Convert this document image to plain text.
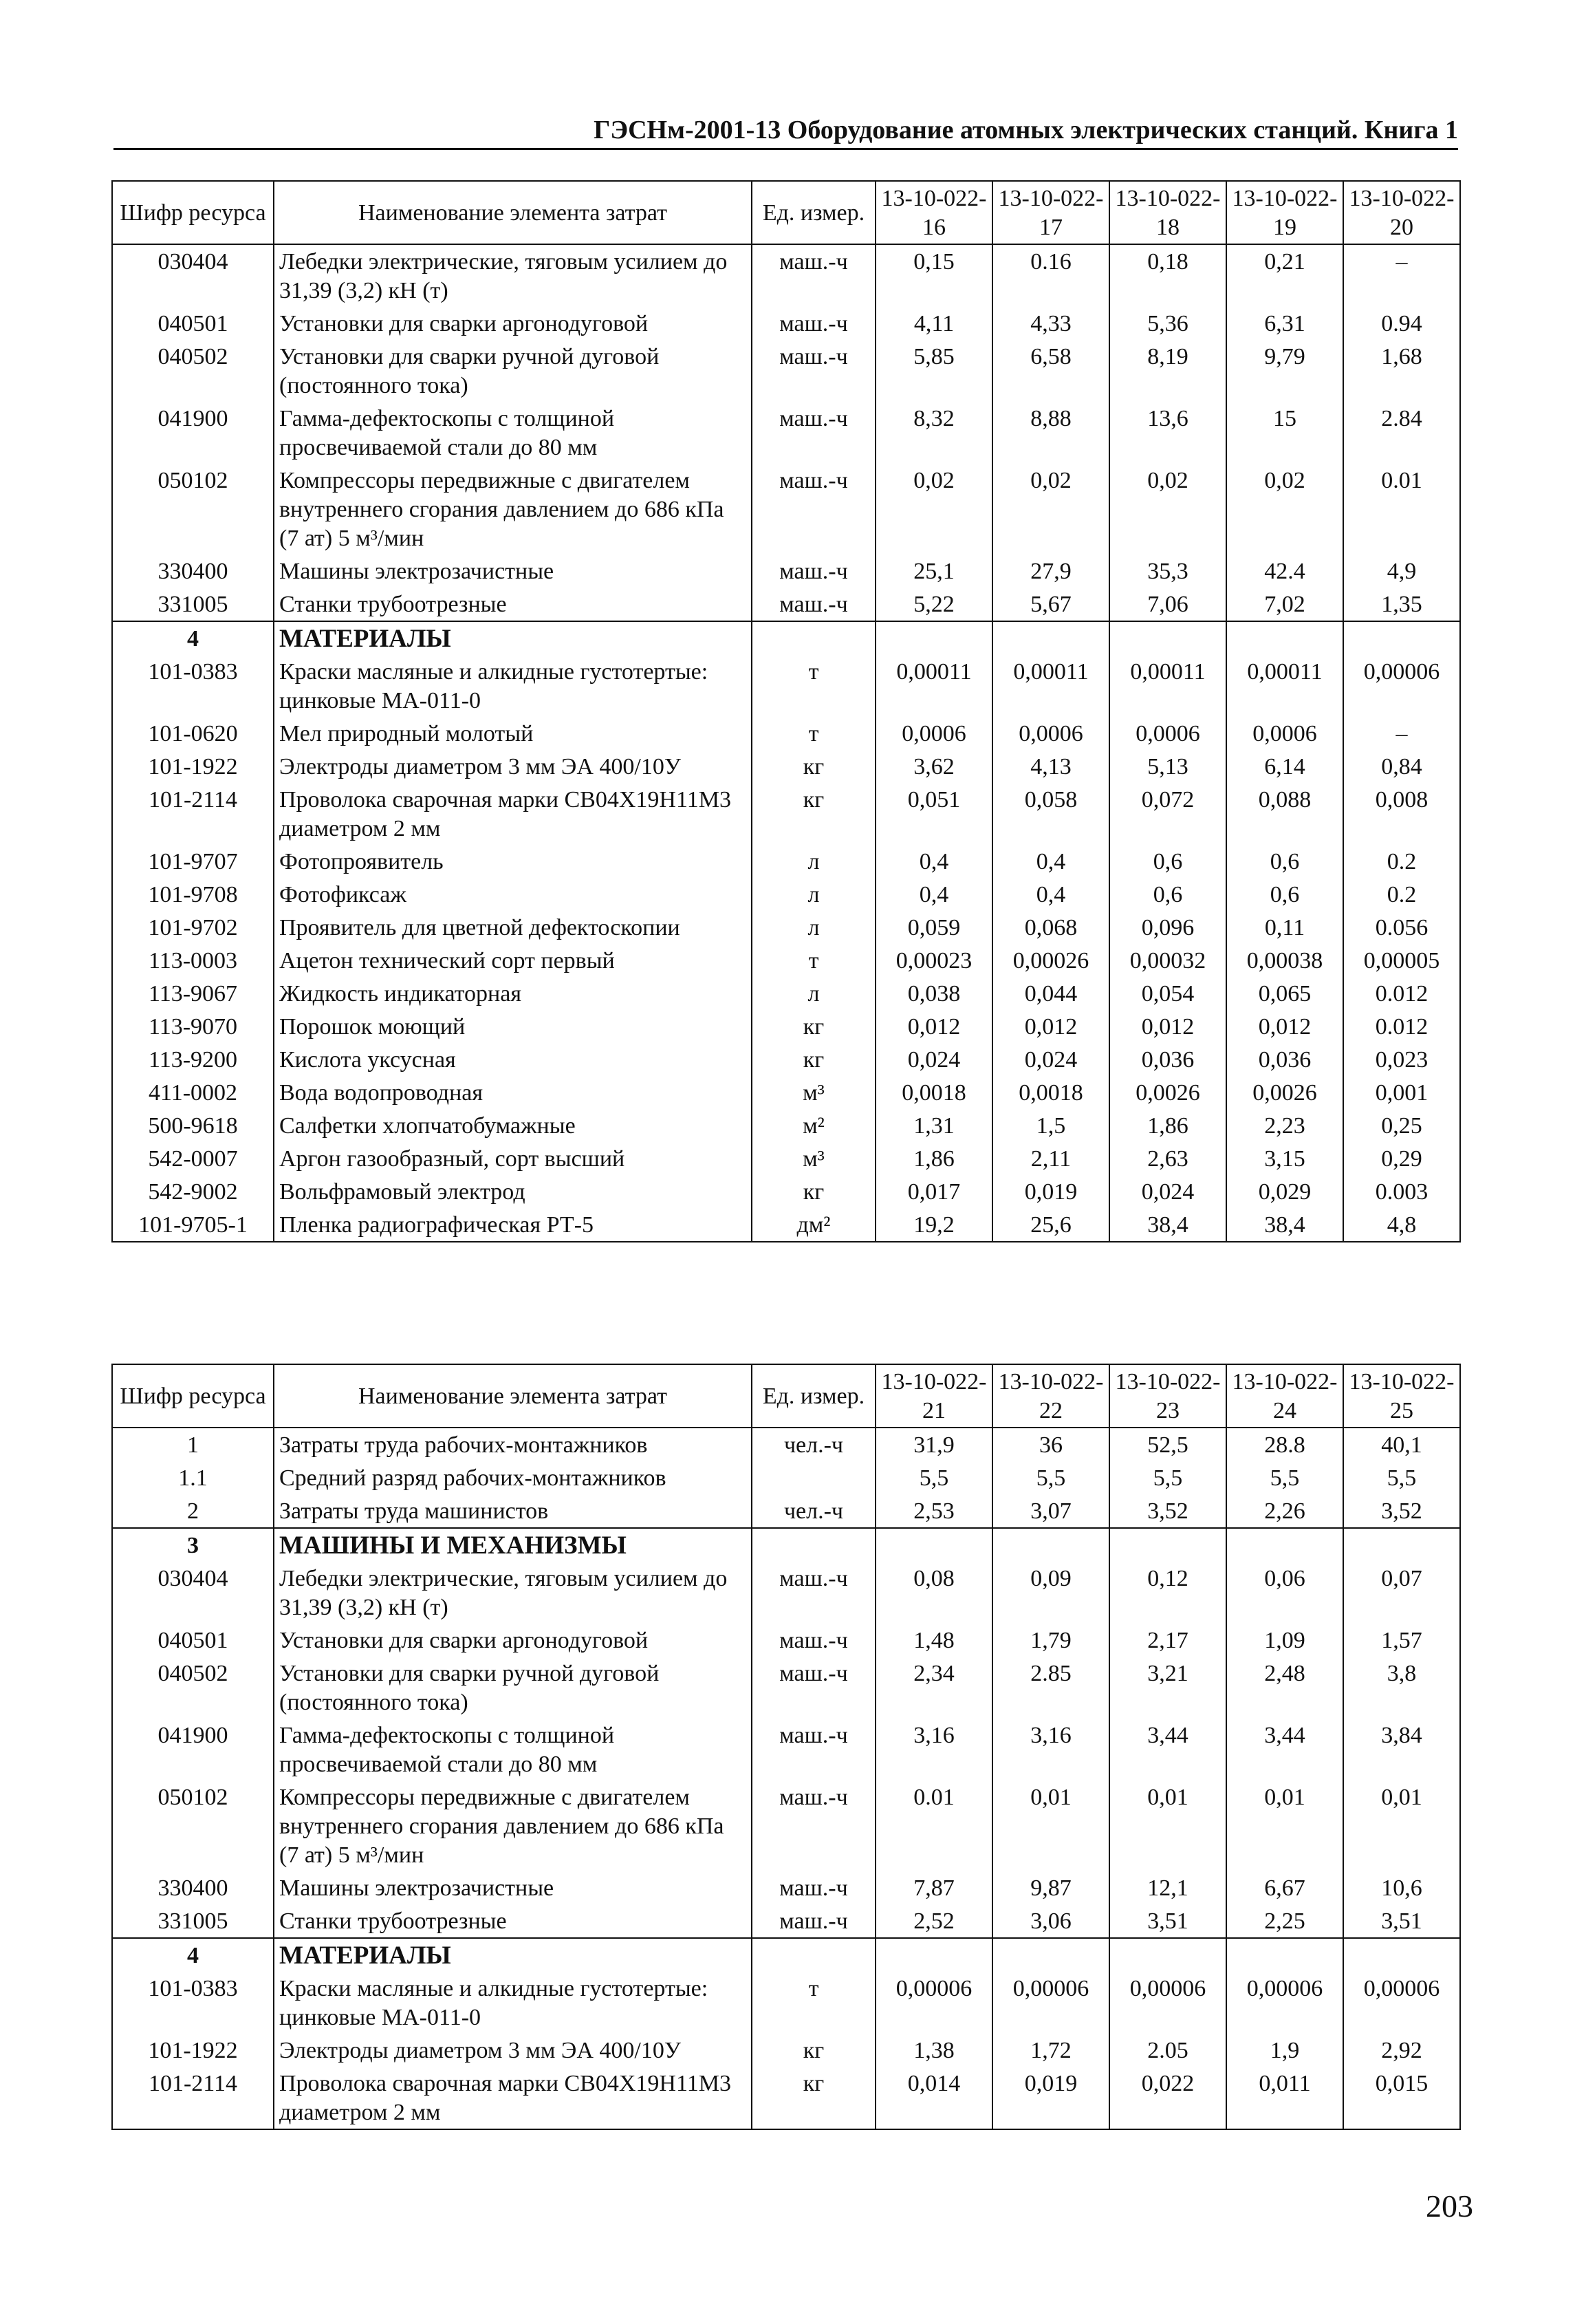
ГЭСНм-2001-13 Оборудование атомных электрических станций. Книга 1
Шифр ресурса	Наименование элемента затрат	Ед. измер.	13-10-022-16	13-10-022-17	13-10-022-18	13-10-022-19	13-10-022-20
030404	Лебедки электрические, тяговым усилием до 31,39 (3,2) кН (т)	маш.-ч	0,15	0.16	0,18	0,21	–
040501	Установки для сварки аргонодуговой	маш.-ч	4,11	4,33	5,36	6,31	0.94
040502	Установки для сварки ручной дуговой (постоянного тока)	маш.-ч	5,85	6,58	8,19	9,79	1,68
041900	Гамма-дефектоскопы с толщиной просвечиваемой стали до 80 мм	маш.-ч	8,32	8,88	13,6	15	2.84
050102	Компрессоры передвижные с двигателем внутреннего сгорания давлением до 686 кПа (7 ат) 5 м³/мин	маш.-ч	0,02	0,02	0,02	0,02	0.01
330400	Машины электрозачистные	маш.-ч	25,1	27,9	35,3	42.4	4,9
331005	Станки трубоотрезные	маш.-ч	5,22	5,67	7,06	7,02	1,35
4	МАТЕРИАЛЫ						
101-0383	Краски масляные и алкидные густотертые: цинковые МА-011-0	т	0,00011	0,00011	0,00011	0,00011	0,00006
101-0620	Мел природный молотый	т	0,0006	0,0006	0,0006	0,0006	–
101-1922	Электроды диаметром 3 мм ЭА 400/10У	кг	3,62	4,13	5,13	6,14	0,84
101-2114	Проволока сварочная марки СВ04Х19Н11М3 диаметром 2 мм	кг	0,051	0,058	0,072	0,088	0,008
101-9707	Фотопроявитель	л	0,4	0,4	0,6	0,6	0.2
101-9708	Фотофиксаж	л	0,4	0,4	0,6	0,6	0.2
101-9702	Проявитель для цветной дефектоскопии	л	0,059	0,068	0,096	0,11	0.056
113-0003	Ацетон технический сорт первый	т	0,00023	0,00026	0,00032	0,00038	0,00005
113-9067	Жидкость индикаторная	л	0,038	0,044	0,054	0,065	0.012
113-9070	Порошок моющий	кг	0,012	0,012	0,012	0,012	0.012
113-9200	Кислота уксусная	кг	0,024	0,024	0,036	0,036	0,023
411-0002	Вода водопроводная	м³	0,0018	0,0018	0,0026	0,0026	0,001
500-9618	Салфетки хлопчатобумажные	м²	1,31	1,5	1,86	2,23	0,25
542-0007	Аргон газообразный, сорт высший	м³	1,86	2,11	2,63	3,15	0,29
542-9002	Вольфрамовый электрод	кг	0,017	0,019	0,024	0,029	0.003
101-9705-1	Пленка радиографическая РТ-5	дм²	19,2	25,6	38,4	38,4	4,8
Шифр ресурса	Наименование элемента затрат	Ед. измер.	13-10-022-21	13-10-022-22	13-10-022-23	13-10-022-24	13-10-022-25
1	Затраты труда рабочих-монтажников	чел.-ч	31,9	36	52,5	28.8	40,1
1.1	Средний разряд рабочих-монтажников		5,5	5,5	5,5	5,5	5,5
2	Затраты труда машинистов	чел.-ч	2,53	3,07	3,52	2,26	3,52
3	МАШИНЫ И МЕХАНИЗМЫ						
030404	Лебедки электрические, тяговым усилием до 31,39 (3,2) кН (т)	маш.-ч	0,08	0,09	0,12	0,06	0,07
040501	Установки для сварки аргонодуговой	маш.-ч	1,48	1,79	2,17	1,09	1,57
040502	Установки для сварки ручной дуговой (постоянного тока)	маш.-ч	2,34	2.85	3,21	2,48	3,8
041900	Гамма-дефектоскопы с толщиной просвечиваемой стали до 80 мм	маш.-ч	3,16	3,16	3,44	3,44	3,84
050102	Компрессоры передвижные с двигателем внутреннего сгорания давлением до 686 кПа (7 ат) 5 м³/мин	маш.-ч	0.01	0,01	0,01	0,01	0,01
330400	Машины электрозачистные	маш.-ч	7,87	9,87	12,1	6,67	10,6
331005	Станки трубоотрезные	маш.-ч	2,52	3,06	3,51	2,25	3,51
4	МАТЕРИАЛЫ						
101-0383	Краски масляные и алкидные густотертые: цинковые МА-011-0	т	0,00006	0,00006	0,00006	0,00006	0,00006
101-1922	Электроды диаметром 3 мм ЭА 400/10У	кг	1,38	1,72	2.05	1,9	2,92
101-2114	Проволока сварочная марки СВ04Х19Н11М3 диаметром 2 мм	кг	0,014	0,019	0,022	0,011	0,015
203
